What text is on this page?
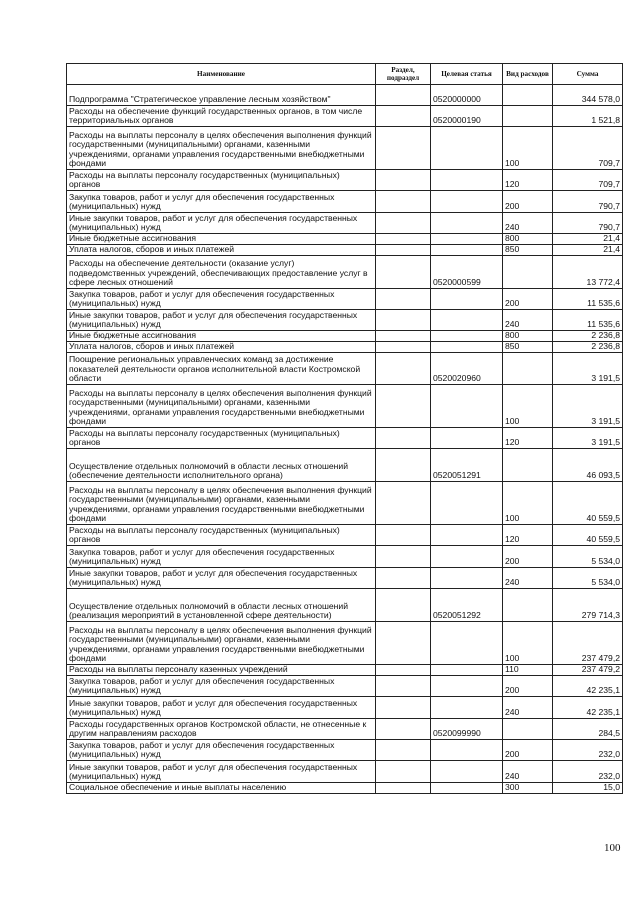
Наименование	Раздел, подраздел	Целевая статья	Вид расходов	Сумма
Подпрограмма "Стратегическое управление лесным хозяйством"		0520000000		344 578,0
Расходы на обеспечение функций государственных органов, в том числе территориальных органов		0520000190		1 521,8
Расходы на выплаты персоналу в целях обеспечения выполнения функций государственными (муниципальными) органами, казенными учреждениями, органами управления государственными внебюджетными фондами			100	709,7
Расходы на выплаты персоналу государственных (муниципальных) органов			120	709,7
Закупка товаров, работ и услуг для обеспечения государственных (муниципальных) нужд			200	790,7
Иные закупки товаров, работ и услуг для обеспечения государственных (муниципальных) нужд			240	790,7
Иные бюджетные ассигнования			800	21,4
Уплата налогов, сборов и иных платежей			850	21,4
Расходы на обеспечение деятельности (оказание услуг) подведомственных учреждений, обеспечивающих предоставление услуг в сфере лесных отношений		0520000599		13 772,4
Закупка товаров, работ и услуг для обеспечения государственных (муниципальных) нужд			200	11 535,6
Иные закупки товаров, работ и услуг для обеспечения государственных (муниципальных) нужд			240	11 535,6
Иные бюджетные ассигнования			800	2 236,8
Уплата налогов, сборов и иных платежей			850	2 236,8
Поощрение региональных управленческих команд за достижение показателей деятельности органов исполнительной власти Костромской области		0520020960		3 191,5
Расходы на выплаты персоналу в целях обеспечения выполнения функций государственными (муниципальными) органами, казенными учреждениями, органами управления государственными внебюджетными фондами			100	3 191,5
Расходы на выплаты персоналу государственных (муниципальных) органов			120	3 191,5
Осуществление отдельных полномочий в области лесных отношений (обеспечение деятельности исполнительного органа)		0520051291		46 093,5
Расходы на выплаты персоналу в целях обеспечения выполнения функций государственными (муниципальными) органами, казенными учреждениями, органами управления государственными внебюджетными фондами			100	40 559,5
Расходы на выплаты персоналу государственных (муниципальных) органов			120	40 559,5
Закупка товаров, работ и услуг для обеспечения государственных (муниципальных) нужд			200	5 534,0
Иные закупки товаров, работ и услуг для обеспечения государственных (муниципальных) нужд			240	5 534,0
Осуществление отдельных полномочий в области лесных отношений (реализация мероприятий в установленной сфере деятельности)		0520051292		279 714,3
Расходы на выплаты персоналу в целях обеспечения выполнения функций государственными (муниципальными) органами, казенными учреждениями, органами управления государственными внебюджетными фондами			100	237 479,2
Расходы на выплаты персоналу казенных учреждений			110	237 479,2
Закупка товаров, работ и услуг для обеспечения государственных (муниципальных) нужд			200	42 235,1
Иные закупки товаров, работ и услуг для обеспечения государственных (муниципальных) нужд			240	42 235,1
Расходы государственных органов Костромской области, не отнесенные к другим направлениям расходов		0520099990		284,5
Закупка товаров, работ и услуг для обеспечения государственных (муниципальных) нужд			200	232,0
Иные закупки товаров, работ и услуг для обеспечения государственных (муниципальных) нужд			240	232,0
Социальное обеспечение и иные выплаты населению			300	15,0
100
